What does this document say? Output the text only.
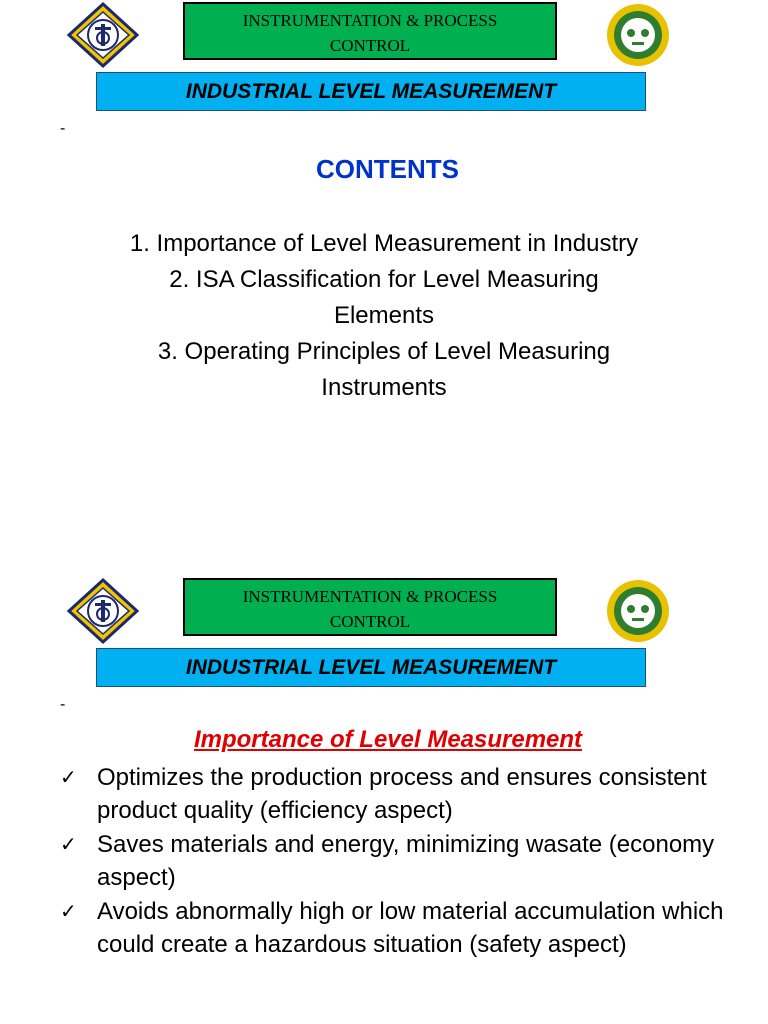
INSTRUMENTATION & PROCESS
CONTROL
INDUSTRIAL LEVEL MEASUREMENT
-
CONTENTS
1. Importance of Level Measurement in Industry
2. ISA Classification for Level Measuring
Elements
3. Operating Principles of Level Measuring
Instruments
INSTRUMENTATION & PROCESS
CONTROL
INDUSTRIAL LEVEL MEASUREMENT
-
Importance of Level Measurement
✓ Optimizes the production process and ensures consistent product quality (efficiency aspect)
✓ Saves materials and energy, minimizing wasate (economy aspect)
✓ Avoids abnormally high or low material accumulation which could create a hazardous situation (safety aspect)
